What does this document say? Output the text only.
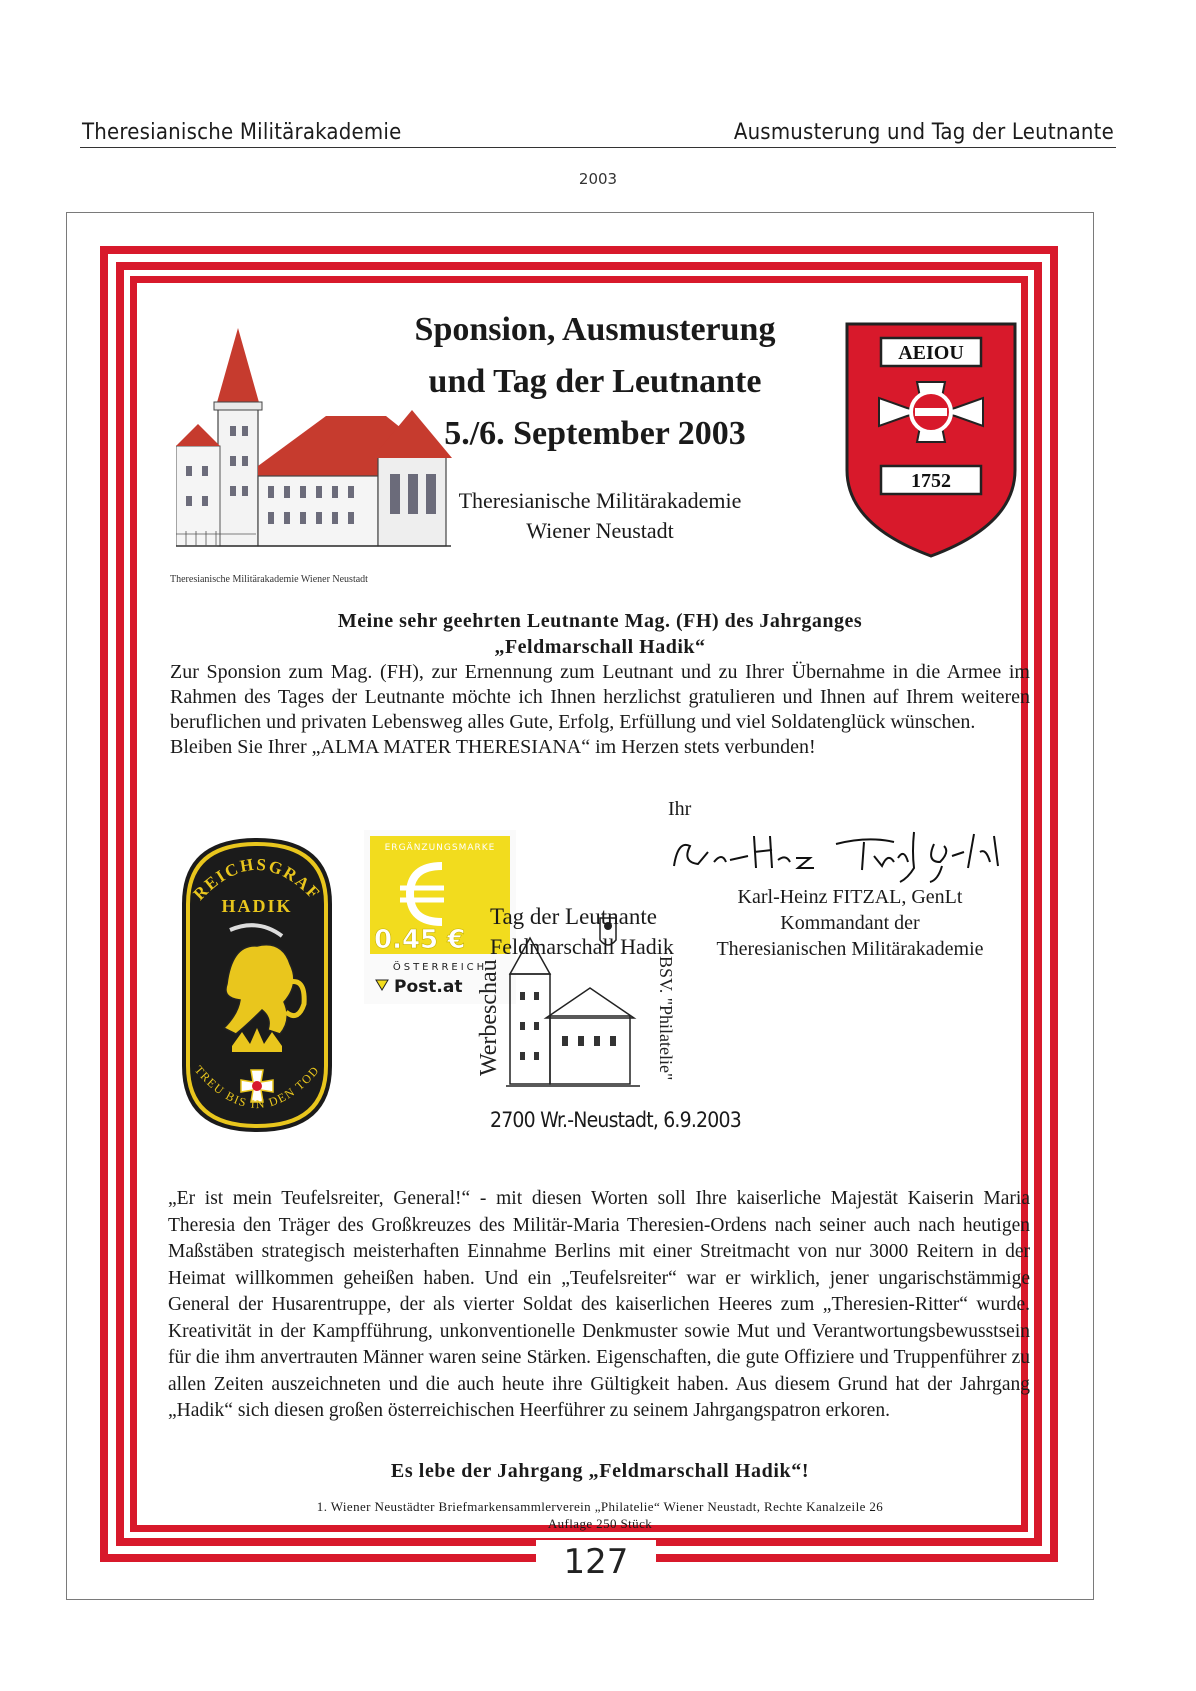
Theresianische Militärakademie	Ausmusterung und Tag der Leutnante
2003
Theresianische Militärakademie Wiener Neustadt
Sponsion, Ausmusterung
und Tag der Leutnante
5./6. September 2003
Theresianische Militärakademie
Wiener Neustadt
AEIOU
1752
Meine sehr geehrten Leutnante Mag. (FH) des Jahrganges
„Feldmarschall Hadik“
Zur Sponsion zum Mag. (FH), zur Ernennung zum Leutnant und zu Ihrer Übernahme in die Armee im Rahmen des Tages der Leutnante möchte ich Ihnen herzlichst gratulieren und Ihnen auf Ihrem weiteren beruflichen und privaten Lebensweg alles Gute, Erfolg, Erfüllung und viel Soldatenglück wünschen.
Bleiben Sie Ihrer „ALMA MATER THERESIANA“ im Herzen stets verbunden!
Ihr
REICHSGRAF
HADIK
TREU BIS IN DEN TOD
ERGÄNZUNGSMARKE
0.45 €
ÖSTERREICH
Post.at Werbeschau	BSV. "Philatelie"
Tag der Leutnante
Feldmarschall Hadik
2700 Wr.-Neustadt, 6.9.2003
Karl-Heinz FITZAL, GenLt
Kommandant der
Theresianischen Militärakademie
„Er ist mein Teufelsreiter, General!“ - mit diesen Worten soll Ihre kaiserliche Majestät Kaiserin Maria Theresia den Träger des Großkreuzes des Militär-Maria Theresien-Ordens nach seiner auch nach heutigen Maßstäben strategisch meisterhaften Einnahme Berlins mit einer Streitmacht von nur 3000 Reitern in der Heimat willkommen geheißen haben. Und ein „Teufelsreiter“ war er wirklich, jener ungarischstämmige General der Husarentruppe, der als vierter Soldat des kaiserlichen Heeres zum „Theresien-Ritter“ wurde. Kreativität in der Kampfführung, unkonventionelle Denkmuster sowie Mut und Verantwortungsbewusstsein für die ihm anvertrauten Männer waren seine Stärken. Eigenschaften, die gute Offiziere und Truppenführer zu allen Zeiten auszeichneten und die auch heute ihre Gültigkeit haben. Aus diesem Grund hat der Jahrgang „Hadik“ sich diesen großen österreichischen Heerführer zu seinem Jahrgangspatron erkoren.
Es lebe der Jahrgang „Feldmarschall Hadik“!
1. Wiener Neustädter Briefmarkensammlerverein „Philatelie“ Wiener Neustadt, Rechte Kanalzeile 26
Auflage 250 Stück
127
